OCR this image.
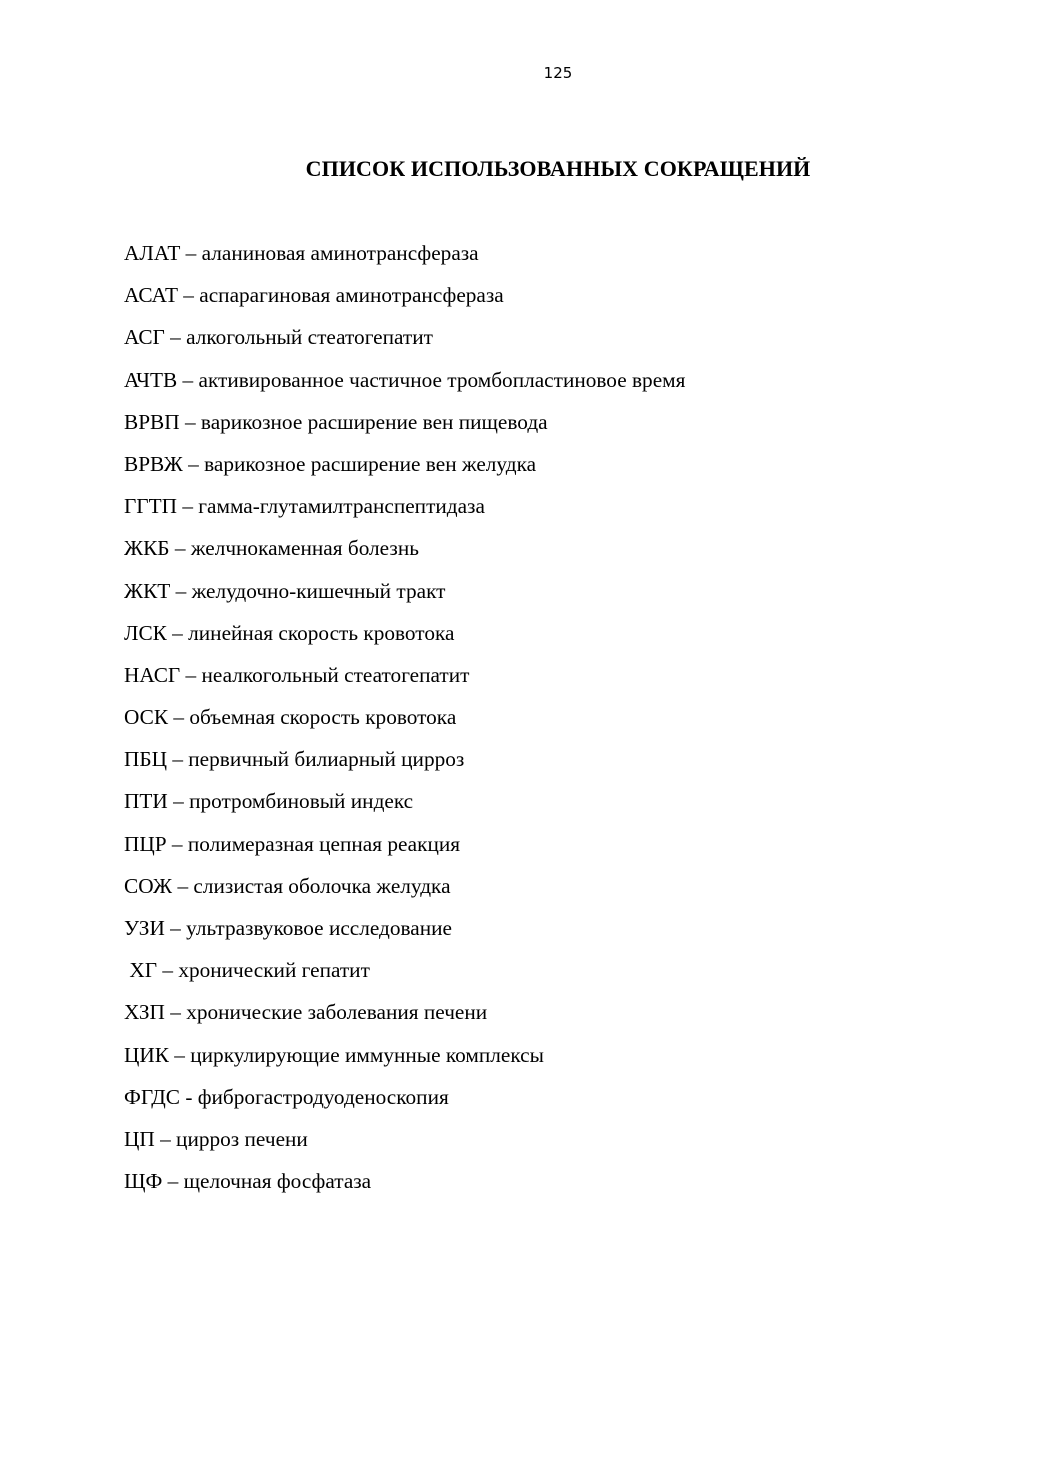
125
СПИСОК ИСПОЛЬЗОВАННЫХ СОКРАЩЕНИЙ
АЛАТ – аланиновая аминотрансфераза
АСАТ – аспарагиновая аминотрансфераза
АСГ – алкогольный стеатогепатит
АЧТВ – активированное частичное тромбопластиновое время
ВРВП – варикозное расширение вен пищевода
ВРВЖ – варикозное расширение вен желудка
ГГТП – гамма-глутамилтранспептидаза
ЖКБ – желчнокаменная болезнь
ЖКТ – желудочно-кишечный тракт
ЛСК – линейная скорость кровотока
НАСГ – неалкогольный стеатогепатит
ОСК – объемная скорость кровотока
ПБЦ – первичный билиарный цирроз
ПТИ – протромбиновый индекс
ПЦР – полимеразная цепная реакция
СОЖ – слизистая оболочка желудка
УЗИ – ультразвуковое исследование
ХГ – хронический гепатит
ХЗП – хронические заболевания печени
ЦИК – циркулирующие иммунные комплексы
ФГДС - фиброгастродуоденоскопия
ЦП – цирроз печени
ЩФ – щелочная фосфатаза
